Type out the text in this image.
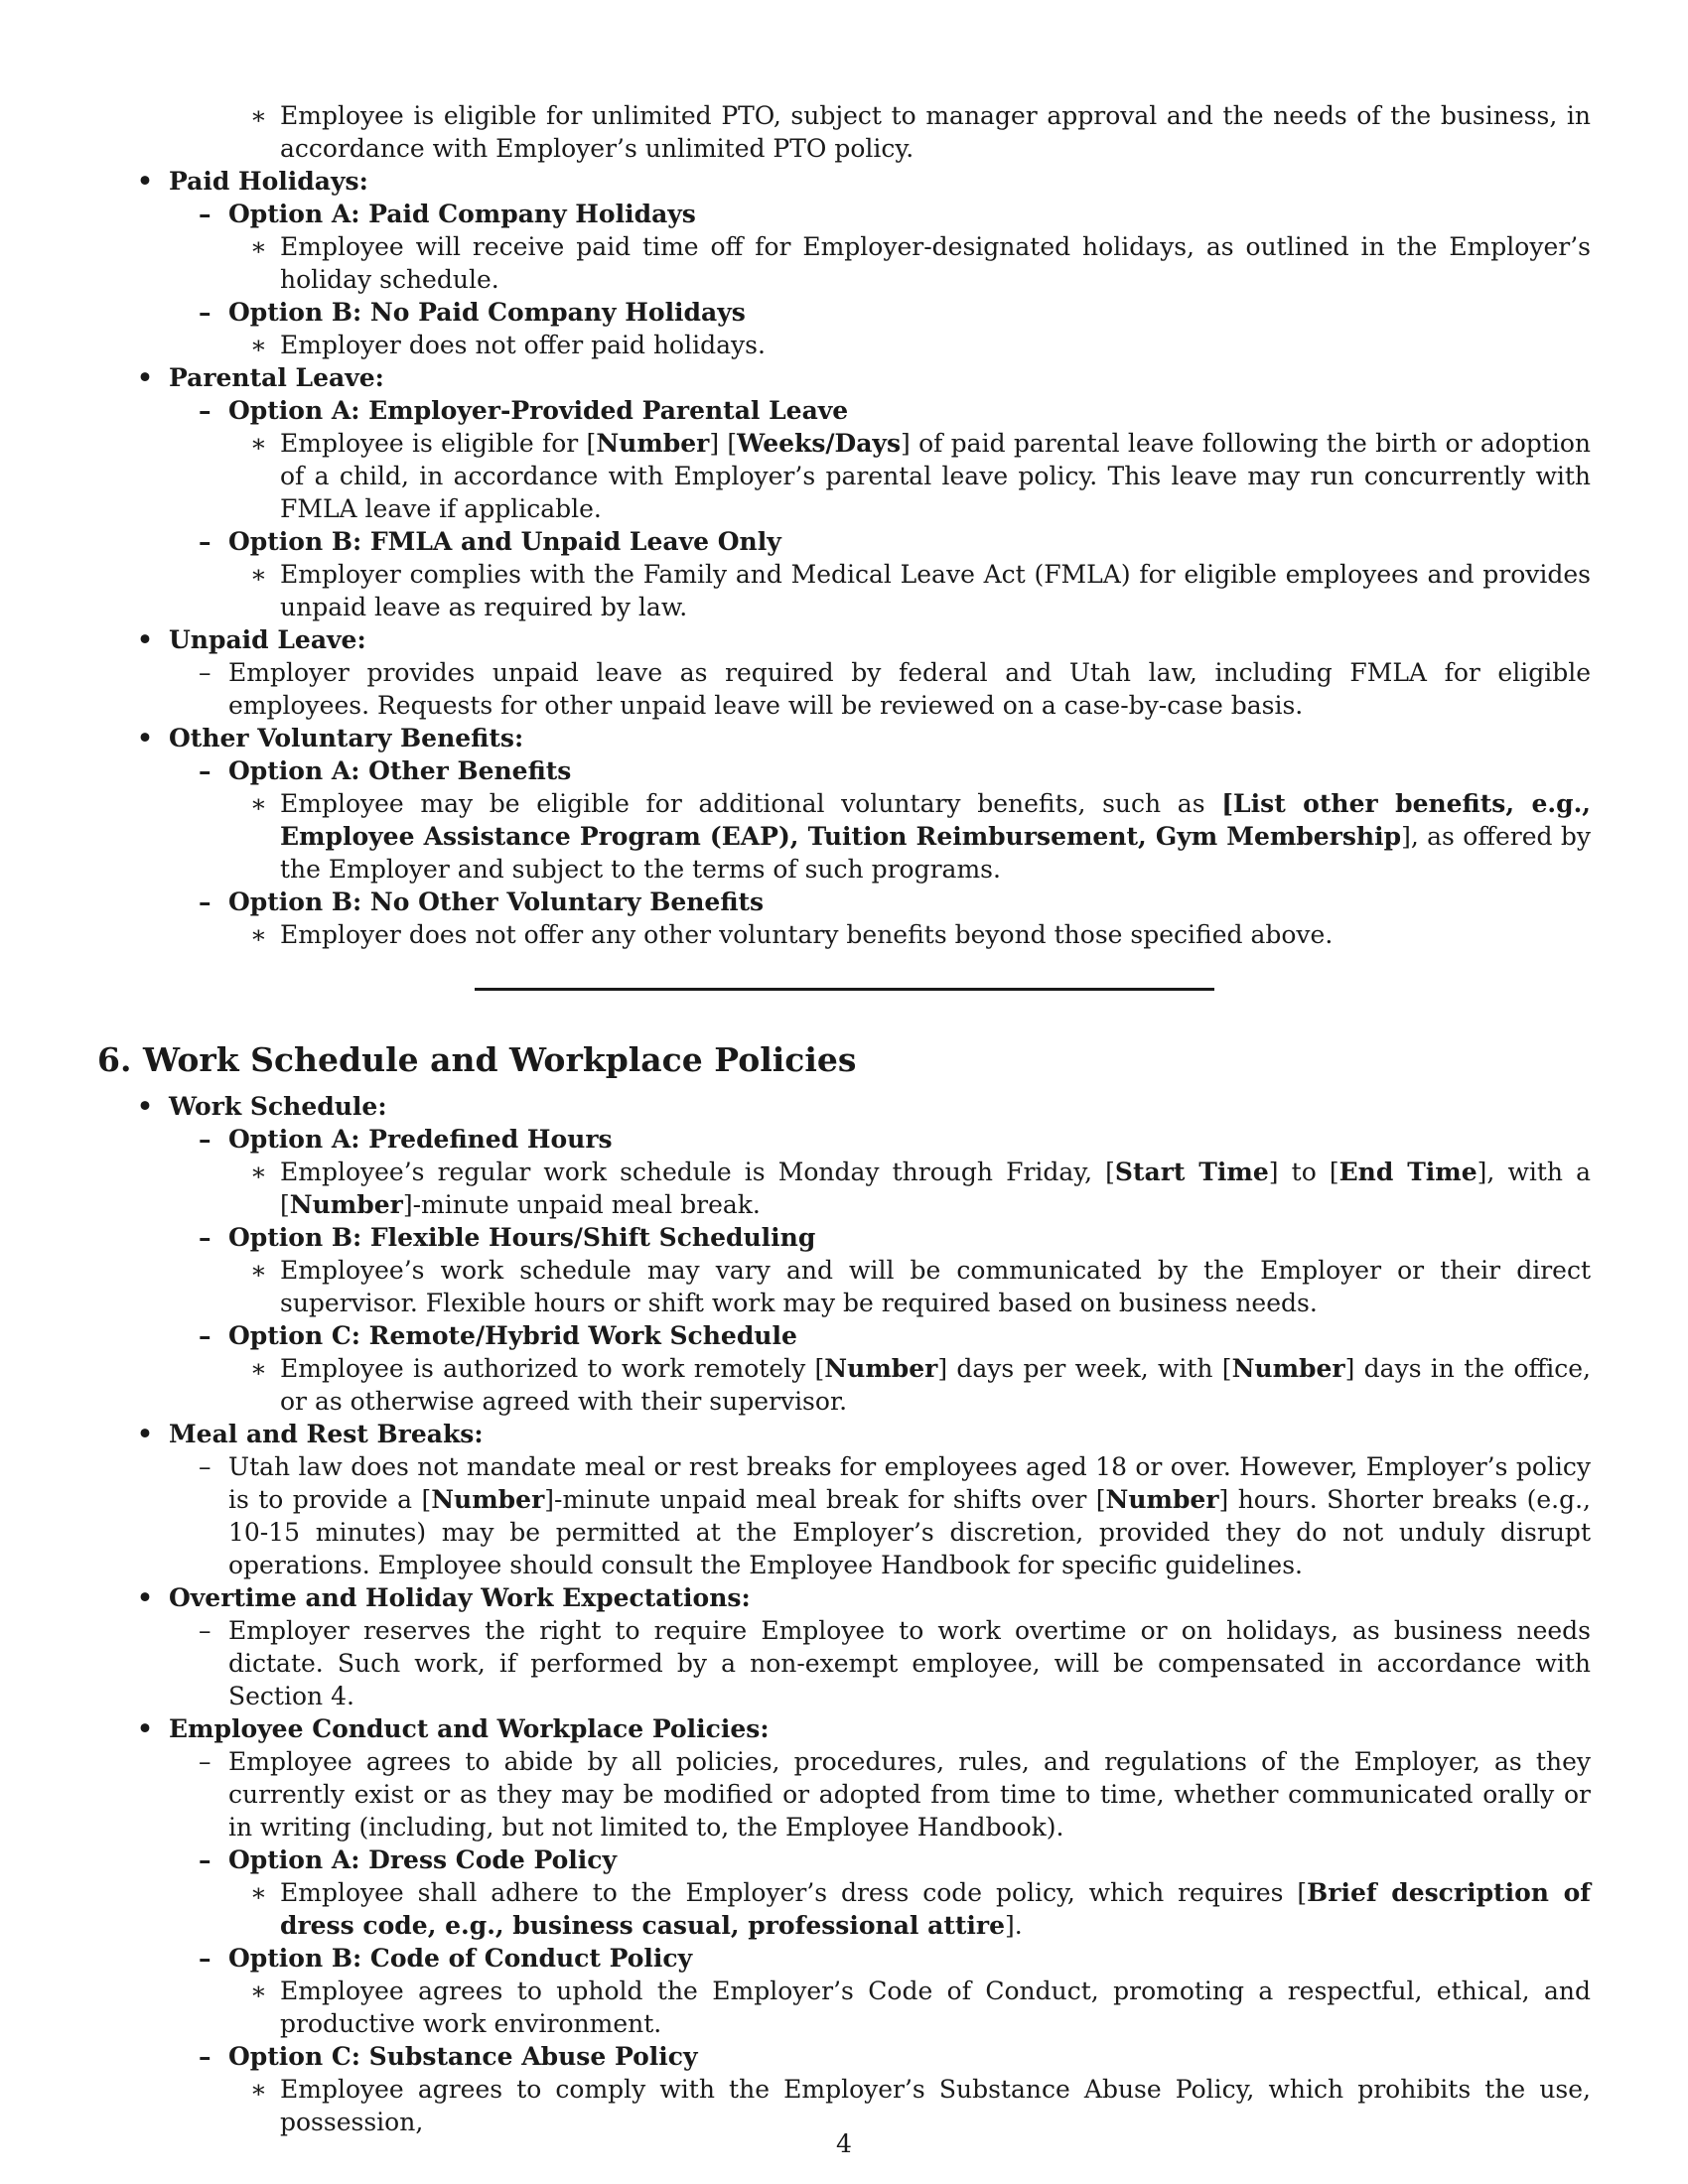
∗ Employee is eligible for unlimited PTO, subject to manager approval and the needs of the business, in accordance with Employer’s unlimited PTO policy.
• Paid Holidays:
– Option A: Paid Company Holidays
∗ Employee will receive paid time off for Employer-designated holidays, as outlined in the Employer’s holiday schedule.
– Option B: No Paid Company Holidays
∗ Employer does not offer paid holidays.
• Parental Leave:
– Option A: Employer-Provided Parental Leave
∗ Employee is eligible for [Number] [Weeks/Days] of paid parental leave following the birth or adoption of a child, in accordance with Employer’s parental leave policy. This leave may run concurrently with FMLA leave if applicable.
– Option B: FMLA and Unpaid Leave Only
∗ Employer complies with the Family and Medical Leave Act (FMLA) for eligible employees and provides unpaid leave as required by law.
• Unpaid Leave:
– Employer provides unpaid leave as required by federal and Utah law, including FMLA for eligible employees. Requests for other unpaid leave will be reviewed on a case-by-case basis.
• Other Voluntary Benefits:
– Option A: Other Benefits
∗ Employee may be eligible for additional voluntary benefits, such as [List other benefits, e.g., Employee Assistance Program (EAP), Tuition Reimbursement, Gym Membership], as offered by the Employer and subject to the terms of such programs.
– Option B: No Other Voluntary Benefits
∗ Employer does not offer any other voluntary benefits beyond those specified above.
6. Work Schedule and Workplace Policies
• Work Schedule:
– Option A: Predefined Hours
∗ Employee’s regular work schedule is Monday through Friday, [Start Time] to [End Time], with a [Number]-minute unpaid meal break.
– Option B: Flexible Hours/Shift Scheduling
∗ Employee’s work schedule may vary and will be communicated by the Employer or their direct supervisor. Flexible hours or shift work may be required based on business needs.
– Option C: Remote/Hybrid Work Schedule
∗ Employee is authorized to work remotely [Number] days per week, with [Number] days in the office, or as otherwise agreed with their supervisor.
• Meal and Rest Breaks:
– Utah law does not mandate meal or rest breaks for employees aged 18 or over. However, Employer’s policy is to provide a [Number]-minute unpaid meal break for shifts over [Number] hours. Shorter breaks (e.g., 10-15 minutes) may be permitted at the Employer’s discretion, provided they do not unduly disrupt operations. Employee should consult the Employee Handbook for specific guidelines.
• Overtime and Holiday Work Expectations:
– Employer reserves the right to require Employee to work overtime or on holidays, as business needs dictate. Such work, if performed by a non-exempt employee, will be compensated in accordance with Section 4.
• Employee Conduct and Workplace Policies:
– Employee agrees to abide by all policies, procedures, rules, and regulations of the Employer, as they currently exist or as they may be modified or adopted from time to time, whether communicated orally or in writing (including, but not limited to, the Employee Handbook).
– Option A: Dress Code Policy
∗ Employee shall adhere to the Employer’s dress code policy, which requires [Brief description of dress code, e.g., business casual, professional attire].
– Option B: Code of Conduct Policy
∗ Employee agrees to uphold the Employer’s Code of Conduct, promoting a respectful, ethical, and productive work environment.
– Option C: Substance Abuse Policy
∗ Employee agrees to comply with the Employer’s Substance Abuse Policy, which prohibits the use, possession,
4
